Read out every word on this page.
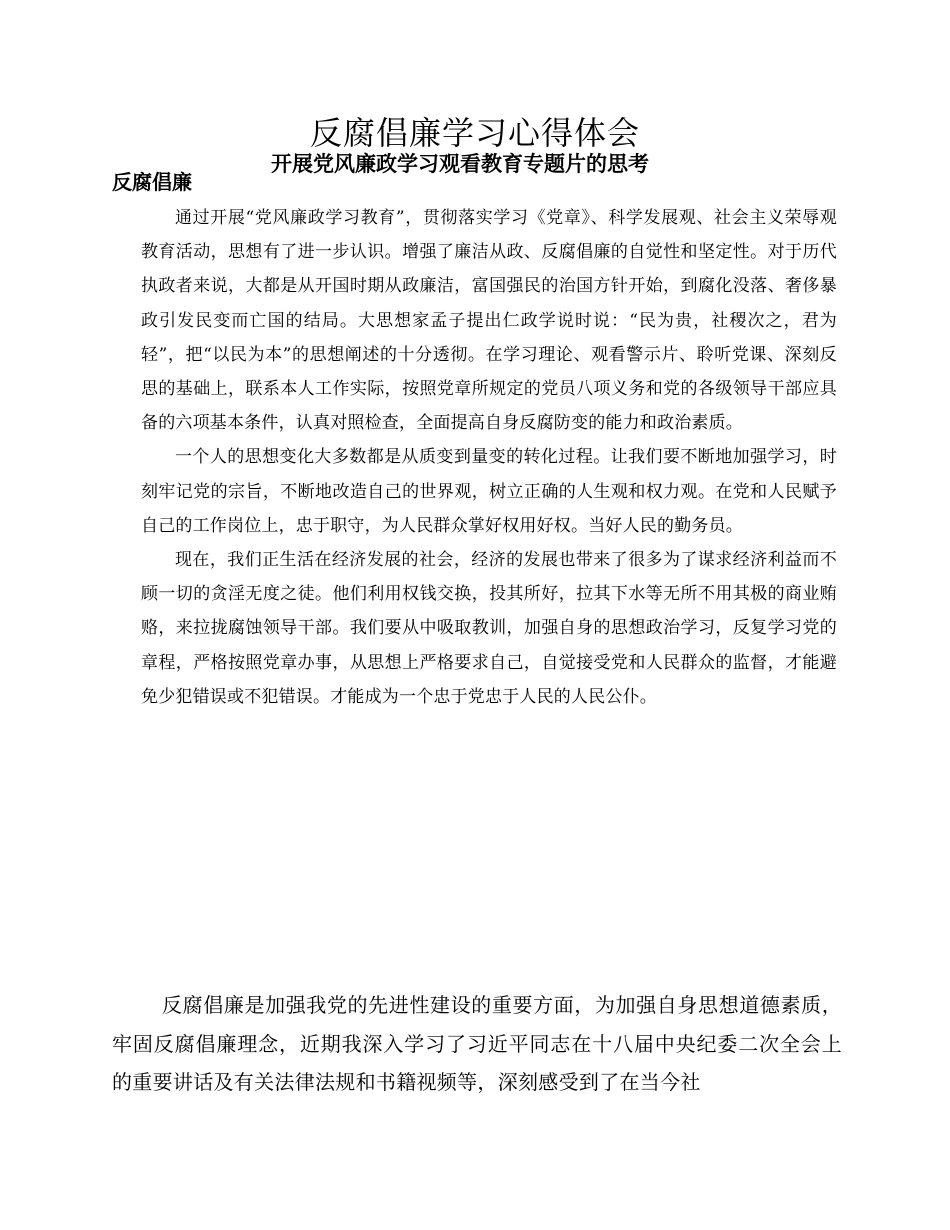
反腐倡廉学习心得体会
开展党风廉政学习观看教育专题片的思考
反腐倡廉

通过开展“党风廉政学习教育”，贯彻落实学习《党章》、科学发展观、社会主义荣辱观教育活动，思想有了进一步认识。增强了廉洁从政、反腐倡廉的自觉性和坚定性。对于历代执政者来说，大都是从开国时期从政廉洁，富国强民的治国方针开始，到腐化没落、奢侈暴政引发民变而亡国的结局。大思想家孟子提出仁政学说时说：“民为贵，社稷次之，君为轻”，把“以民为本”的思想阐述的十分透彻。在学习理论、观看警示片、聆听党课、深刻反思的基础上，联系本人工作实际，按照党章所规定的党员八项义务和党的各级领导干部应具备的六项基本条件，认真对照检查，全面提高自身反腐防变的能力和政治素质。

一个人的思想变化大多数都是从质变到量变的转化过程。让我们要不断地加强学习，时刻牢记党的宗旨，不断地改造自己的世界观，树立正确的人生观和权力观。在党和人民赋予自己的工作岗位上，忠于职守，为人民群众掌好权用好权。当好人民的勤务员。

现在，我们正生活在经济发展的社会，经济的发展也带来了很多为了谋求经济利益而不顾一切的贪淫无度之徒。他们利用权钱交换，投其所好，拉其下水等无所不用其极的商业贿赂，来拉拢腐蚀领导干部。我们要从中吸取教训，加强自身的思想政治学习，反复学习党的章程，严格按照党章办事，从思想上严格要求自己，自觉接受党和人民群众的监督，才能避免少犯错误或不犯错误。才能成为一个忠于党忠于人民的人民公仆。

反腐倡廉是加强我党的先进性建设的重要方面，为加强自身思想道德素质，牢固反腐倡廉理念，近期我深入学习了习近平同志在十八届中央纪委二次全会上的重要讲话及有关法律法规和书籍视频等，深刻感受到了在当今社
